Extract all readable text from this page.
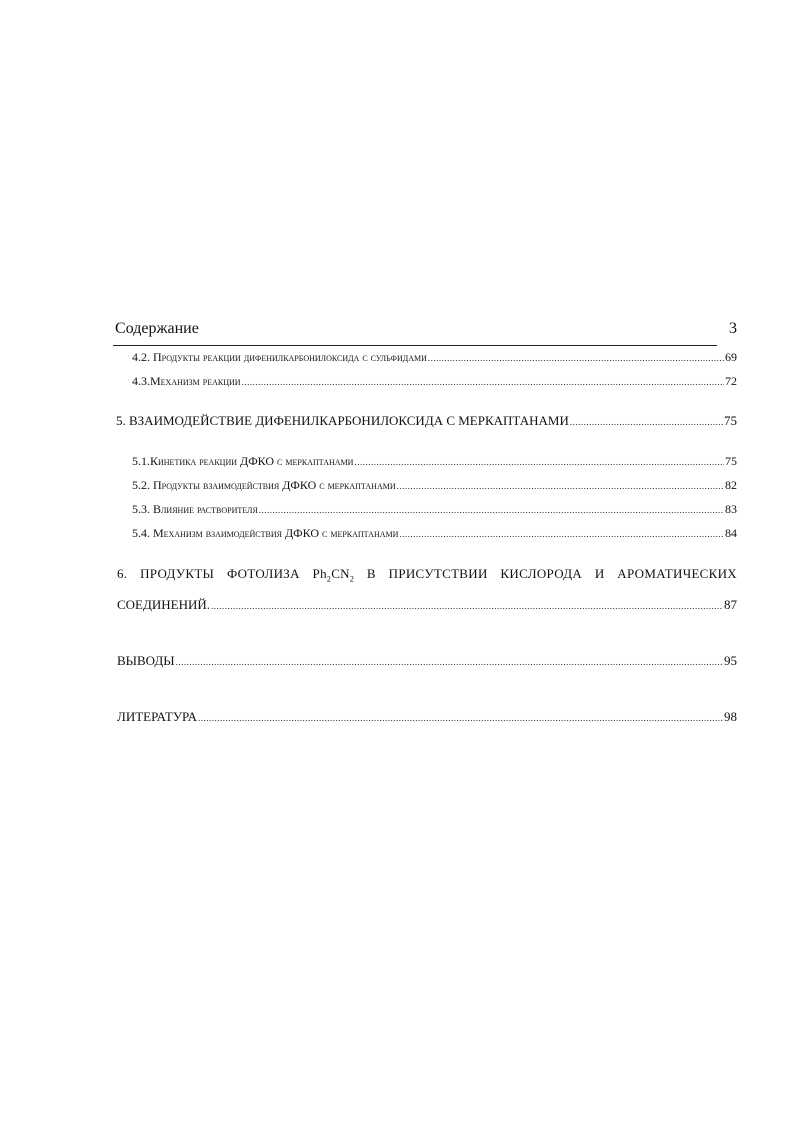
Содержание	3
4.2. Продукты реакции дифенилкарбонилоксида с сульфидами .....	69
4.3.Механизм реакции .....	72
5. ВЗАИМОДЕЙСТВИЕ ДИФЕНИЛКАРБОНИЛОКСИДА С МЕРКАПТАНАМИ .....	75
5.1.Кинетика реакции ДФКО с меркаптанами .....	75
5.2. Продукты взаимодействия ДФКО с меркаптанами .....	82
5.3. Влияние растворителя .....	83
5.4. Механизм взаимодействия ДФКО с меркаптанами .....	84
6. ПРОДУКТЫ ФОТОЛИЗА $Ph_2CN_2$ В ПРИСУТСТВИИ КИСЛОРОДА И АРОМАТИЧЕСКИХ
СОЕДИНЕНИЙ. .....	87
ВЫВОДЫ .....	95
ЛИТЕРАТУРА .....	98
